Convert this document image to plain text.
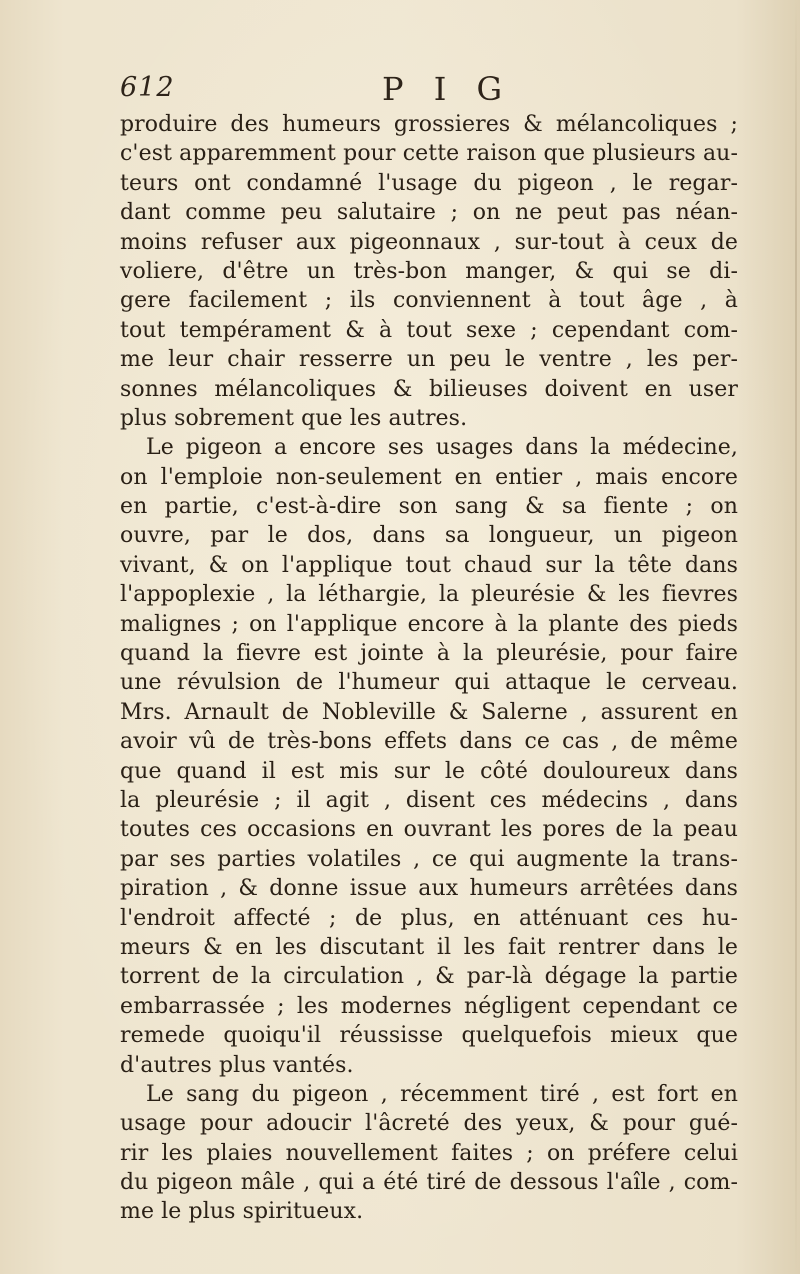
612	P I G
produire des humeurs grossieres & mélancoliques ;
c'est apparemment pour cette raison que plusieurs au-
teurs ont condamné l'usage du pigeon , le regar-
dant comme peu salutaire ; on ne peut pas néan-
moins refuser aux pigeonnaux , sur-tout à ceux de
voliere, d'être un très-bon manger, & qui se di-
gere facilement ; ils conviennent à tout âge , à
tout tempérament & à tout sexe ; cependant com-
me leur chair resserre un peu le ventre , les per-
sonnes mélancoliques & bilieuses doivent en user
plus sobrement que les autres.
Le pigeon a encore ses usages dans la médecine,
on l'emploie non-seulement en entier , mais encore
en partie, c'est-à-dire son sang & sa fiente ; on
ouvre, par le dos, dans sa longueur, un pigeon
vivant, & on l'applique tout chaud sur la tête dans
l'appoplexie , la léthargie, la pleurésie & les fievres
malignes ; on l'applique encore à la plante des pieds
quand la fievre est jointe à la pleurésie, pour faire
une révulsion de l'humeur qui attaque le cerveau.
Mrs. Arnault de Nobleville & Salerne , assurent en
avoir vû de très-bons effets dans ce cas , de même
que quand il est mis sur le côté douloureux dans
la pleurésie ; il agit , disent ces médecins , dans
toutes ces occasions en ouvrant les pores de la peau
par ses parties volatiles , ce qui augmente la trans-
piration , & donne issue aux humeurs arrêtées dans
l'endroit affecté ; de plus, en atténuant ces hu-
meurs & en les discutant il les fait rentrer dans le
torrent de la circulation , & par-là dégage la partie
embarrassée ; les modernes négligent cependant ce
remede quoiqu'il réussisse quelquefois mieux que
d'autres plus vantés.
Le sang du pigeon , récemment tiré , est fort en
usage pour adoucir l'âcreté des yeux, & pour gué-
rir les plaies nouvellement faites ; on préfere celui
du pigeon mâle , qui a été tiré de dessous l'aîle , com-
me le plus spiritueux.
